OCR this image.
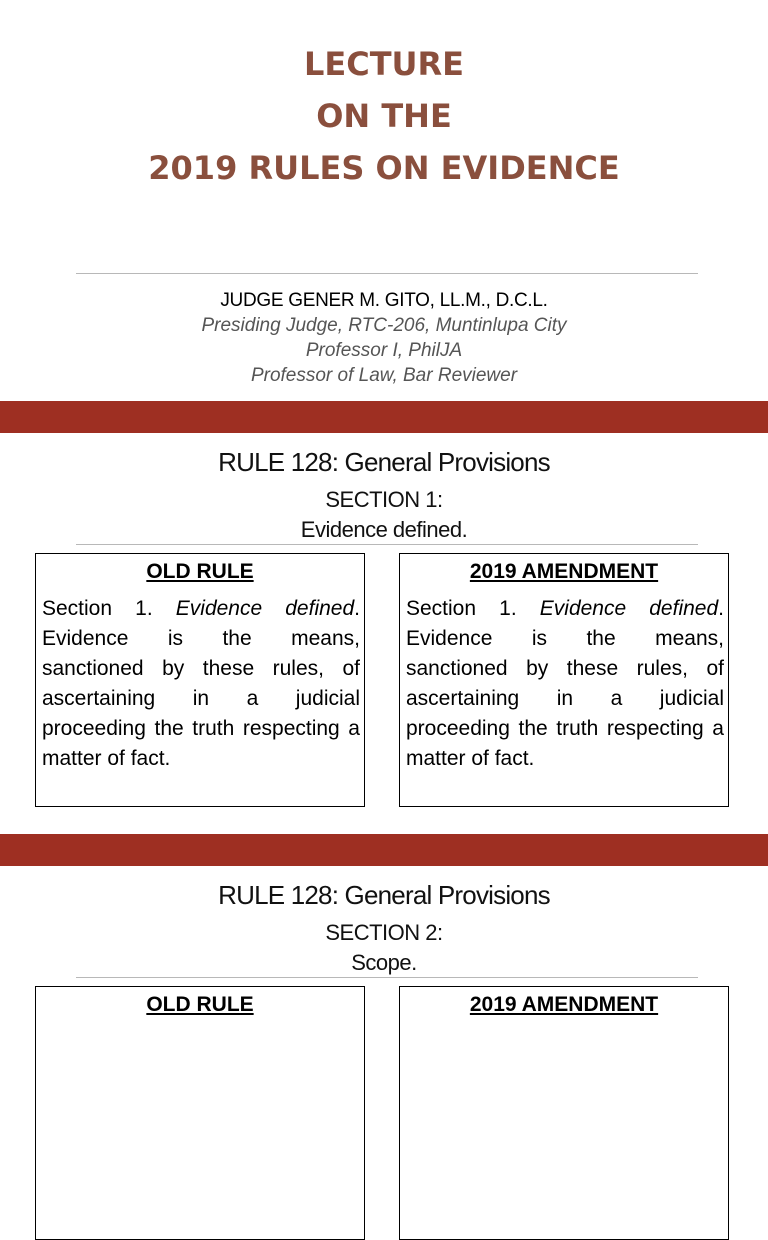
LECTURE
ON THE
2019 RULES ON EVIDENCE
JUDGE GENER M. GITO, LL.M., D.C.L.
Presiding Judge, RTC-206, Muntinlupa City
Professor I, PhilJA
Professor of Law, Bar Reviewer
RULE 128: General Provisions
SECTION 1:
Evidence defined.
OLD RULE
Section 1. Evidence defined. Evidence is the means, sanctioned by these rules, of ascertaining in a judicial proceeding the truth respecting a matter of fact.
2019 AMENDMENT
Section 1. Evidence defined. Evidence is the means, sanctioned by these rules, of ascertaining in a judicial proceeding the truth respecting a matter of fact.
RULE 128: General Provisions
SECTION 2:
Scope.
OLD RULE	2019 AMENDMENT
